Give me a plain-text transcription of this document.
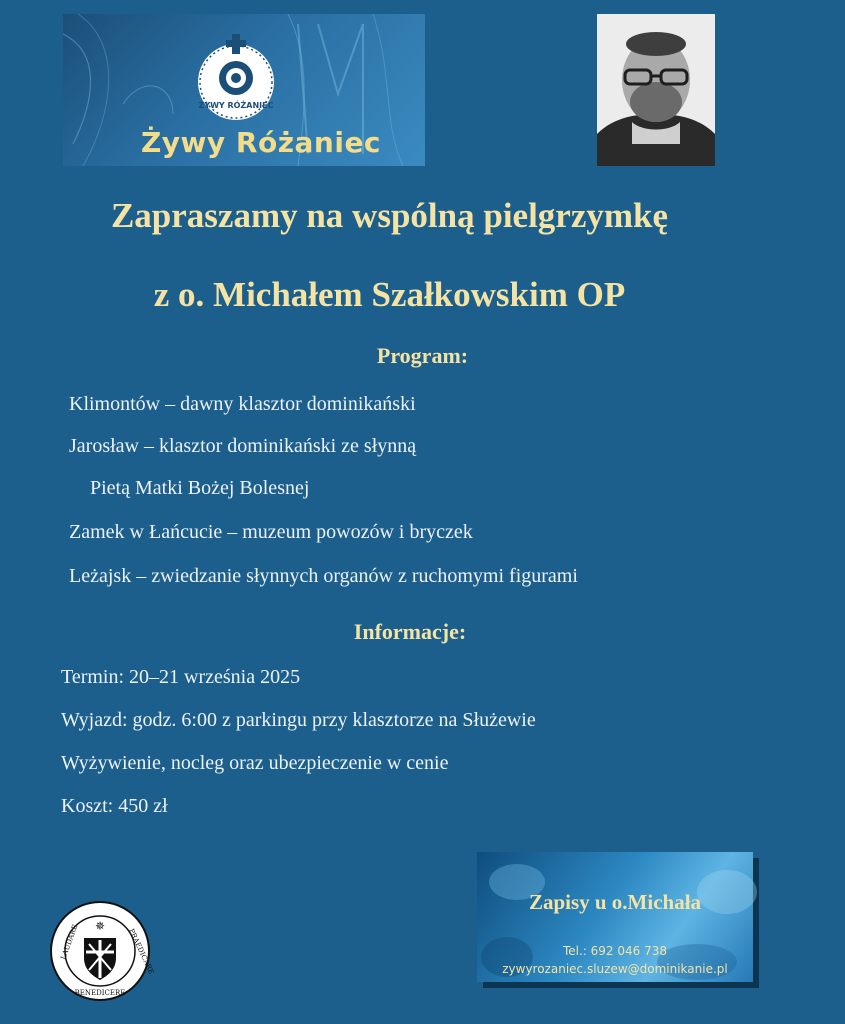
ŻYWY RÓŻANIEC
Żywy Różaniec
Zapraszamy na wspólną pielgrzymkę
z o. Michałem Szałkowskim OP
Program:
Klimontów – dawny klasztor dominikański
Jarosław – klasztor dominikański ze słynną
Pietą Matki Bożej Bolesnej
Zamek w Łańcucie – muzeum powozów i bryczek
Leżajsk – zwiedzanie słynnych organów z ruchomymi figurami
Informacje:
Termin: 20–21 września 2025
Wyjazd: godz. 6:00 z parkingu przy klasztorze na Służewie
Wyżywienie, nocleg oraz ubezpieczenie w cenie
Koszt: 450 zł
✵
LAUDARE	PRAEDICARE
BENEDICERE
Zapisy u o.Michała
Tel.: 692 046 738
zywyrozaniec.sluzew@dominikanie.pl
